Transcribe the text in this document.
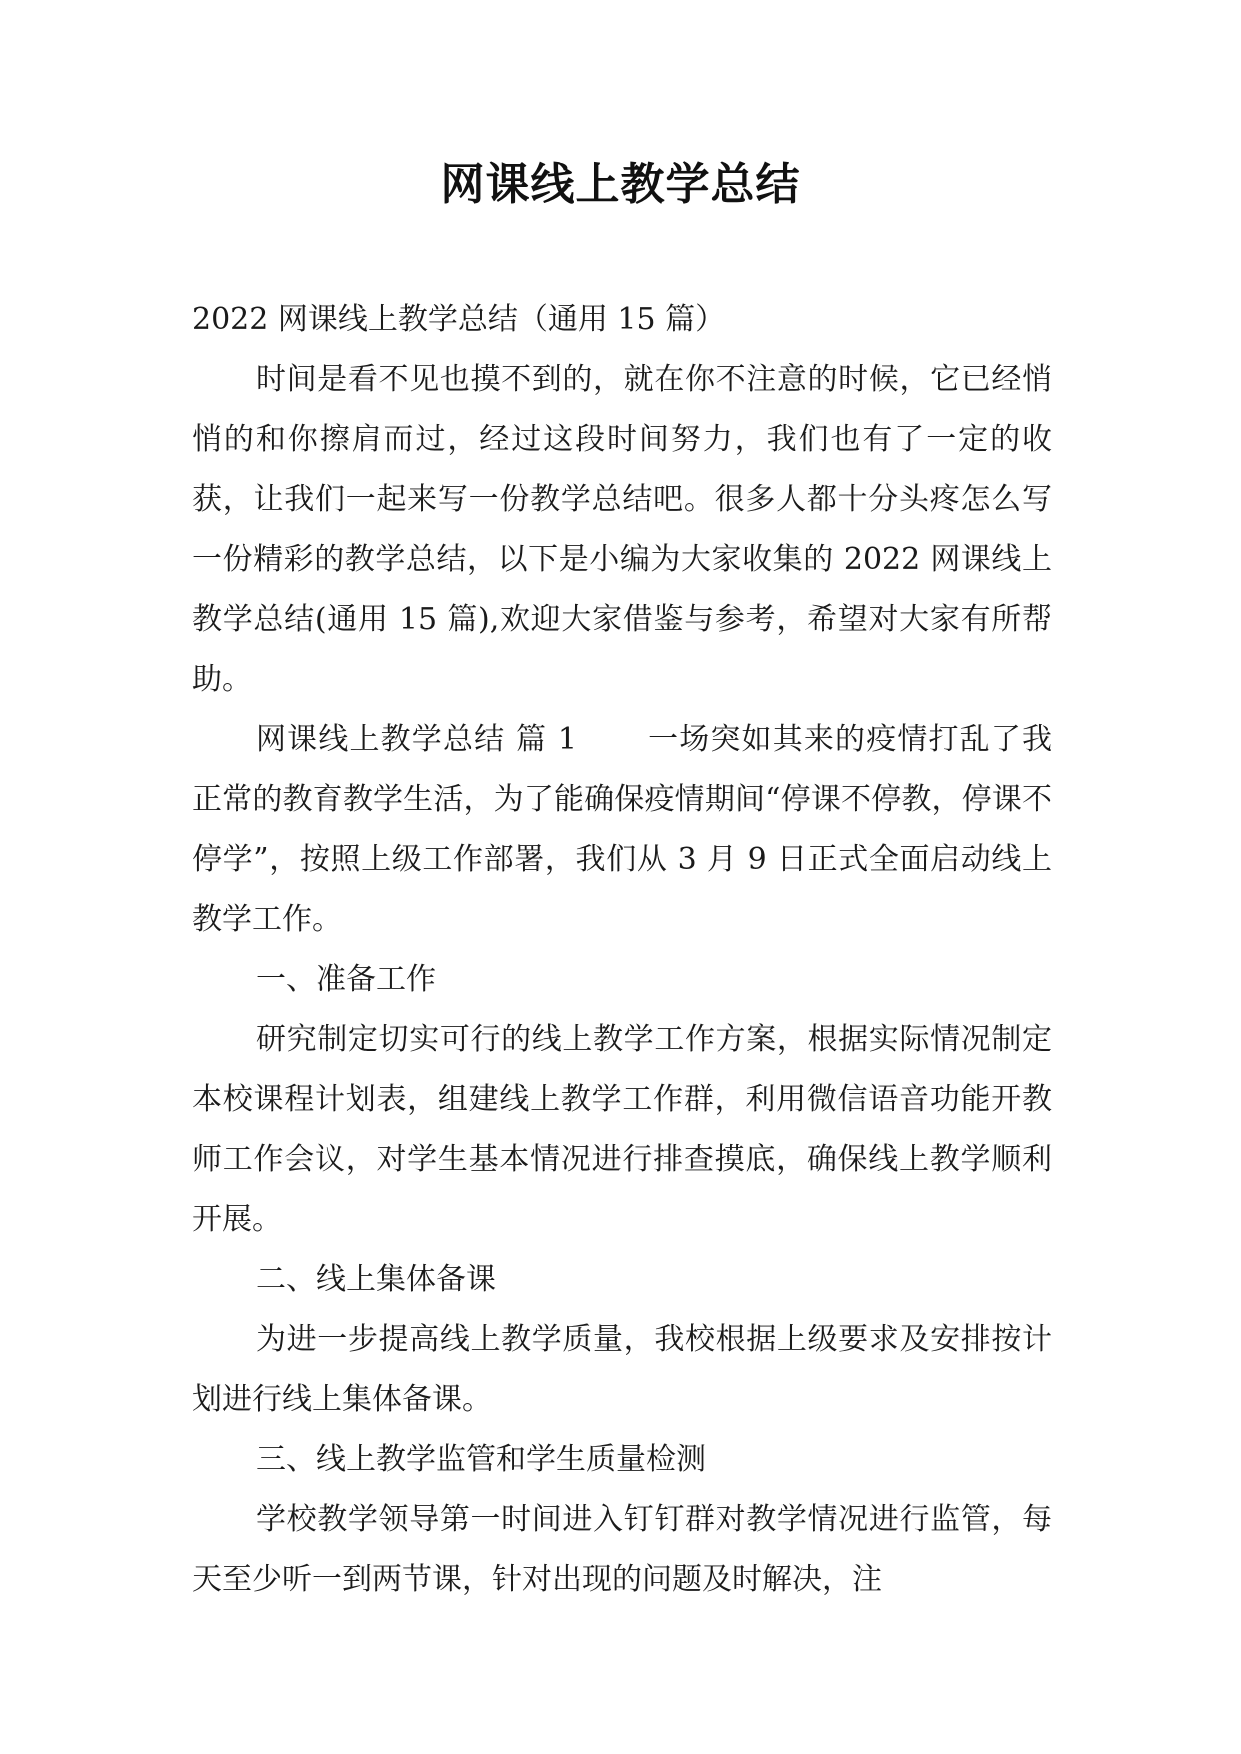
网课线上教学总结

2022 网课线上教学总结（通用 15 篇）

时间是看不见也摸不到的，就在你不注意的时候，它已经悄悄的和你擦肩而过，经过这段时间努力，我们也有了一定的收获，让我们一起来写一份教学总结吧。很多人都十分头疼怎么写一份精彩的教学总结，以下是小编为大家收集的 2022 网课线上教学总结(通用 15 篇),欢迎大家借鉴与参考，希望对大家有所帮助。

网课线上教学总结 篇 1 一场突如其来的疫情打乱了我正常的教育教学生活，为了能确保疫情期间“停课不停教，停课不停学”，按照上级工作部署，我们从 3 月 9 日正式全面启动线上教学工作。

一、准备工作

研究制定切实可行的线上教学工作方案，根据实际情况制定本校课程计划表，组建线上教学工作群，利用微信语音功能开教师工作会议，对学生基本情况进行排查摸底，确保线上教学顺利开展。

二、线上集体备课

为进一步提高线上教学质量，我校根据上级要求及安排按计划进行线上集体备课。

三、线上教学监管和学生质量检测

学校教学领导第一时间进入钉钉群对教学情况进行监管，每天至少听一到两节课，针对出现的问题及时解决，注
